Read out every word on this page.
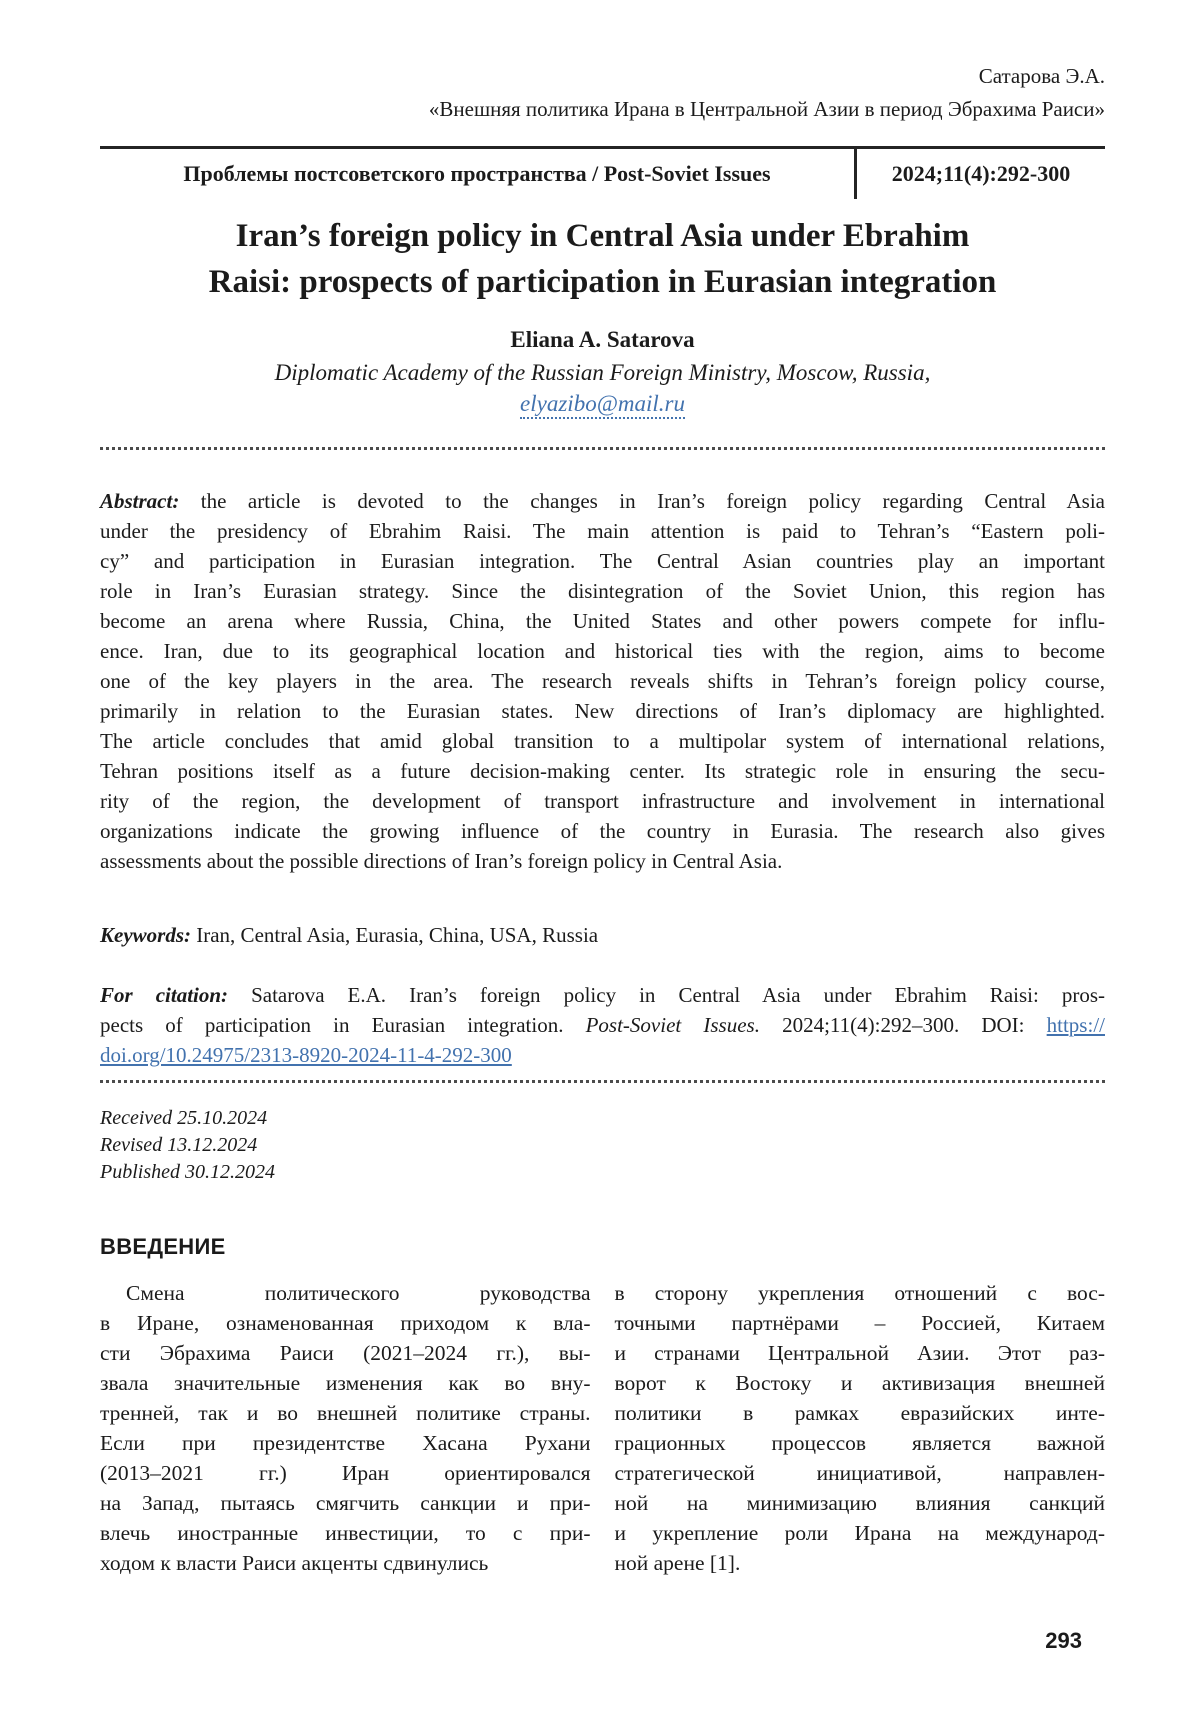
Сатарова Э.А.
«Внешняя политика Ирана в Центральной Азии в период Эбрахима Раиси»
Проблемы постсоветского пространства / Post-Soviet Issues	2024;11(4):292-300
Iran’s foreign policy in Central Asia under Ebrahim
Raisi: prospects of participation in Eurasian integration
Eliana A. Satarova
Diplomatic Academy of the Russian Foreign Ministry, Moscow, Russia,
elyazibo@mail.ru
Abstract: the article is devoted to the changes in Iran’s foreign policy regarding Central Asia
under the presidency of Ebrahim Raisi. The main attention is paid to Tehran’s “Eastern poli-
cy” and participation in Eurasian integration. The Central Asian countries play an important
role in Iran’s Eurasian strategy. Since the disintegration of the Soviet Union, this region has
become an arena where Russia, China, the United States and other powers compete for influ-
ence. Iran, due to its geographical location and historical ties with the region, aims to become
one of the key players in the area. The research reveals shifts in Tehran’s foreign policy course,
primarily in relation to the Eurasian states. New directions of Iran’s diplomacy are highlighted.
The article concludes that amid global transition to a multipolar system of international relations,
Tehran positions itself as a future decision-making center. Its strategic role in ensuring the secu-
rity of the region, the development of transport infrastructure and involvement in international
organizations indicate the growing influence of the country in Eurasia. The research also gives
assessments about the possible directions of Iran’s foreign policy in Central Asia.
Keywords: Iran, Central Asia, Eurasia, China, USA, Russia
For citation: Satarova E.A. Iran’s foreign policy in Central Asia under Ebrahim Raisi: pros-
pects of participation in Eurasian integration. Post-Soviet Issues. 2024;11(4):292–300. DOI: https://
doi.org/10.24975/2313-8920-2024-11-4-292-300
Received 25.10.2024
Revised 13.12.2024
Published 30.12.2024
ВВЕДЕНИЕ
Смена политического руководства
в Иране, ознаменованная приходом к вла-
сти Эбрахима Раиси (2021–2024 гг.), вы-
звала значительные изменения как во вну-
тренней, так и во внешней политике страны.
Если при президентстве Хасана Рухани
(2013–2021 гг.) Иран ориентировался
на Запад, пытаясь смягчить санкции и при-
влечь иностранные инвестиции, то с при-
ходом к власти Раиси акценты сдвинулись
в сторону укрепления отношений с вос-
точными партнёрами – Россией, Китаем
и странами Центральной Азии. Этот раз-
ворот к Востоку и активизация внешней
политики в рамках евразийских инте-
грационных процессов является важной
стратегической инициативой, направлен-
ной на минимизацию влияния санкций
и укрепление роли Ирана на международ-
ной арене [1].
293
